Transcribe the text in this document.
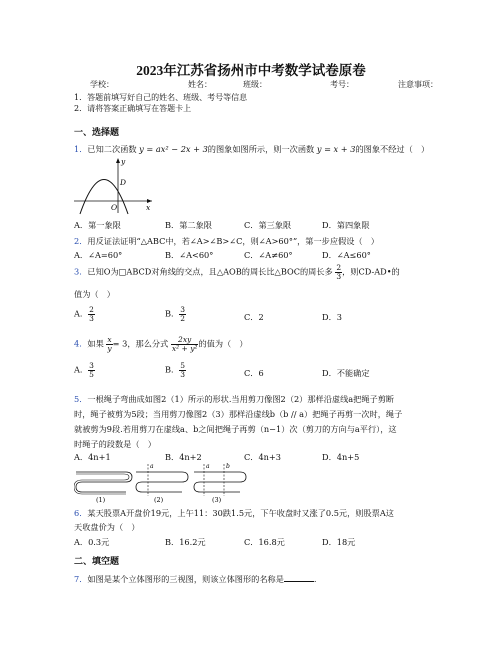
2023年江苏省扬州市中考数学试卷原卷
学校：	姓名：	班级：	考号：	注意事项：
1．答题前填写好自己的姓名、班级、考号等信息
2．请将答案正确填写在答题卡上
一、选择题
1．已知二次函数 y = ax² − 2x + 3的图象如图所示，则一次函数 y = x + 3的图象不经过（　）
y
x
O
D
A．第一象限	B．第二象限	C．第三象限	D．第四象限
2．用反证法证明“△ABC中，若∠A>∠B>∠C，则∠A>60°”，第一步应假设（　）
A．∠A=60°	B．∠A<60°	C．∠A≠60°	D．∠A≤60°
3．已知O为□ABCD对角线的交点，且△AOB的周长比△BOC的周长多 $\frac{2}{3}$ ，则CD-AD•的
值为（　）
A． $\frac{2}{3}$	B． $\frac{3}{2}$	C．2	D．3
4．如果 $\frac{x}{y} = 3$，那么分式 $\frac{2xy}{\text{x² + y²}}$ 的值为（　）
A． $\frac{3}{5}$	B． $\frac{5}{3}$	C．6	D．不能确定
5．一根绳子弯曲成如图2（1）所示的形状.当用剪刀像图2（2）那样沿虚线a把绳子剪断
时，绳子被剪为5段；当用剪刀像图2（3）那样沿虚线b（b // a）把绳子再剪一次时，绳子
就被剪为9段.若用剪刀在虚线a、b之间把绳子再剪（n−1）次（剪刀的方向与a平行），这
时绳子的段数是（　）
A．4n+1	B．4n+2	C．4n+3	D．4n+5
(1)
a
(2)
a	b
(3)
6．某天股票A开盘价19元，上午11：30跌1.5元，下午收盘时又涨了0.5元，则股票A这
天收盘价为（　）
A．0.3元	B．16.2元	C．16.8元	D．18元
二、填空题
7．如图是某个立体图形的三视图，则该立体图形的名称是	.
